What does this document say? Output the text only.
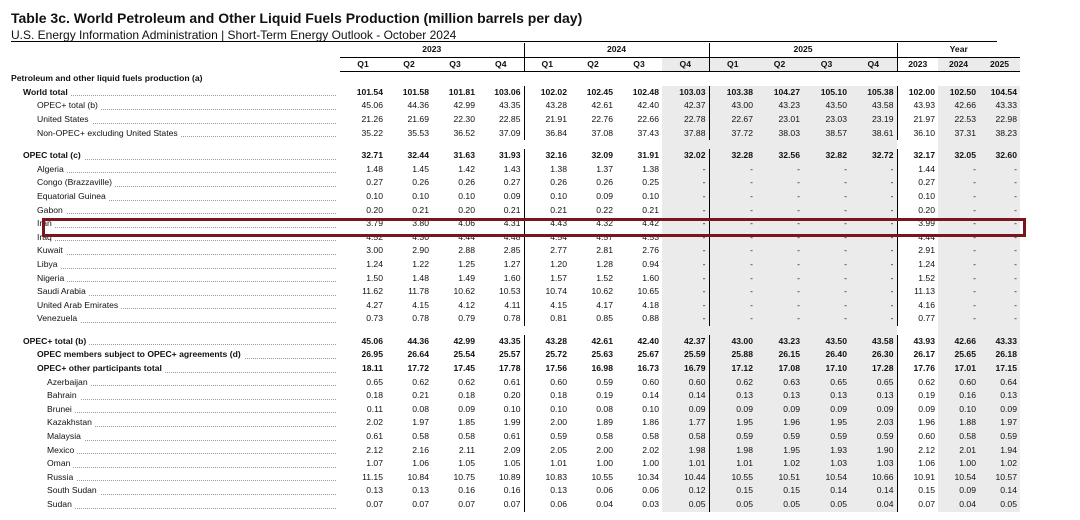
Table 3c. World Petroleum and Other Liquid Fuels Production (million barrels per day)
U.S. Energy Information Administration | Short-Term Energy Outlook - October 2024
	2023				2024				2025				Year		
	Q1	Q2	Q3	Q4	Q1	Q2	Q3	Q4	Q1	Q2	Q3	Q4	2023	2024	2025
Petroleum and other liquid fuels production (a)															

World total	101.54	101.58	101.81	103.06	102.02	102.45	102.48	103.03	103.38	104.27	105.10	105.38	102.00	102.50	104.54

OPEC+ total (b)	45.06	44.36	42.99	43.35	43.28	42.61	42.40	42.37	43.00	43.23	43.50	43.58	43.93	42.66	43.33

United States	21.26	21.69	22.30	22.85	21.91	22.76	22.66	22.78	22.67	23.01	23.03	23.19	21.97	22.53	22.98

Non-OPEC+ excluding United States	35.22	35.53	36.52	37.09	36.84	37.08	37.43	37.88	37.72	38.03	38.57	38.61	36.10	37.31	38.23

OPEC total (c)	32.71	32.44	31.63	31.93	32.16	32.09	31.91	32.02	32.28	32.56	32.82	32.72	32.17	32.05	32.60

Algeria	1.48	1.45	1.42	1.43	1.38	1.37	1.38	-	-	-	-	-	1.44	-	-

Congo (Brazzaville)	0.27	0.26	0.26	0.27	0.26	0.26	0.25	-	-	-	-	-	0.27	-	-

Equatorial Guinea	0.10	0.10	0.10	0.09	0.10	0.09	0.10	-	-	-	-	-	0.10	-	-

Gabon	0.20	0.21	0.20	0.21	0.21	0.22	0.21	-	-	-	-	-	0.20	-	-

Iran	3.79	3.80	4.06	4.31	4.43	4.32	4.42	-	-	-	-	-	3.99	-	-

Iraq	4.52	4.30	4.44	4.48	4.54	4.57	4.53	-	-	-	-	-	4.44	-	-

Kuwait	3.00	2.90	2.88	2.85	2.77	2.81	2.76	-	-	-	-	-	2.91	-	-

Libya	1.24	1.22	1.25	1.27	1.20	1.28	0.94	-	-	-	-	-	1.24	-	-

Nigeria	1.50	1.48	1.49	1.60	1.57	1.52	1.60	-	-	-	-	-	1.52	-	-

Saudi Arabia	11.62	11.78	10.62	10.53	10.74	10.62	10.65	-	-	-	-	-	11.13	-	-

United Arab Emirates	4.27	4.15	4.12	4.11	4.15	4.17	4.18	-	-	-	-	-	4.16	-	-

Venezuela	0.73	0.78	0.79	0.78	0.81	0.85	0.88	-	-	-	-	-	0.77	-	-

OPEC+ total (b)	45.06	44.36	42.99	43.35	43.28	42.61	42.40	42.37	43.00	43.23	43.50	43.58	43.93	42.66	43.33

OPEC members subject to OPEC+ agreements (d)	26.95	26.64	25.54	25.57	25.72	25.63	25.67	25.59	25.88	26.15	26.40	26.30	26.17	25.65	26.18

OPEC+ other participants total	18.11	17.72	17.45	17.78	17.56	16.98	16.73	16.79	17.12	17.08	17.10	17.28	17.76	17.01	17.15

Azerbaijan	0.65	0.62	0.62	0.61	0.60	0.59	0.60	0.60	0.62	0.63	0.65	0.65	0.62	0.60	0.64

Bahrain	0.18	0.21	0.18	0.20	0.18	0.19	0.14	0.14	0.13	0.13	0.13	0.13	0.19	0.16	0.13

Brunei	0.11	0.08	0.09	0.10	0.10	0.08	0.10	0.09	0.09	0.09	0.09	0.09	0.09	0.10	0.09

Kazakhstan	2.02	1.97	1.85	1.99	2.00	1.89	1.86	1.77	1.95	1.96	1.95	2.03	1.96	1.88	1.97

Malaysia	0.61	0.58	0.58	0.61	0.59	0.58	0.58	0.58	0.59	0.59	0.59	0.59	0.60	0.58	0.59

Mexico	2.12	2.16	2.11	2.09	2.05	2.00	2.02	1.98	1.98	1.95	1.93	1.90	2.12	2.01	1.94

Oman	1.07	1.06	1.05	1.05	1.01	1.00	1.00	1.01	1.01	1.02	1.03	1.03	1.06	1.00	1.02

Russia	11.15	10.84	10.75	10.89	10.83	10.55	10.34	10.44	10.55	10.51	10.54	10.66	10.91	10.54	10.57

South Sudan	0.13	0.13	0.16	0.16	0.13	0.06	0.06	0.12	0.15	0.15	0.14	0.14	0.15	0.09	0.14

Sudan	0.07	0.07	0.07	0.07	0.06	0.04	0.03	0.05	0.05	0.05	0.05	0.04	0.07	0.04	0.05
